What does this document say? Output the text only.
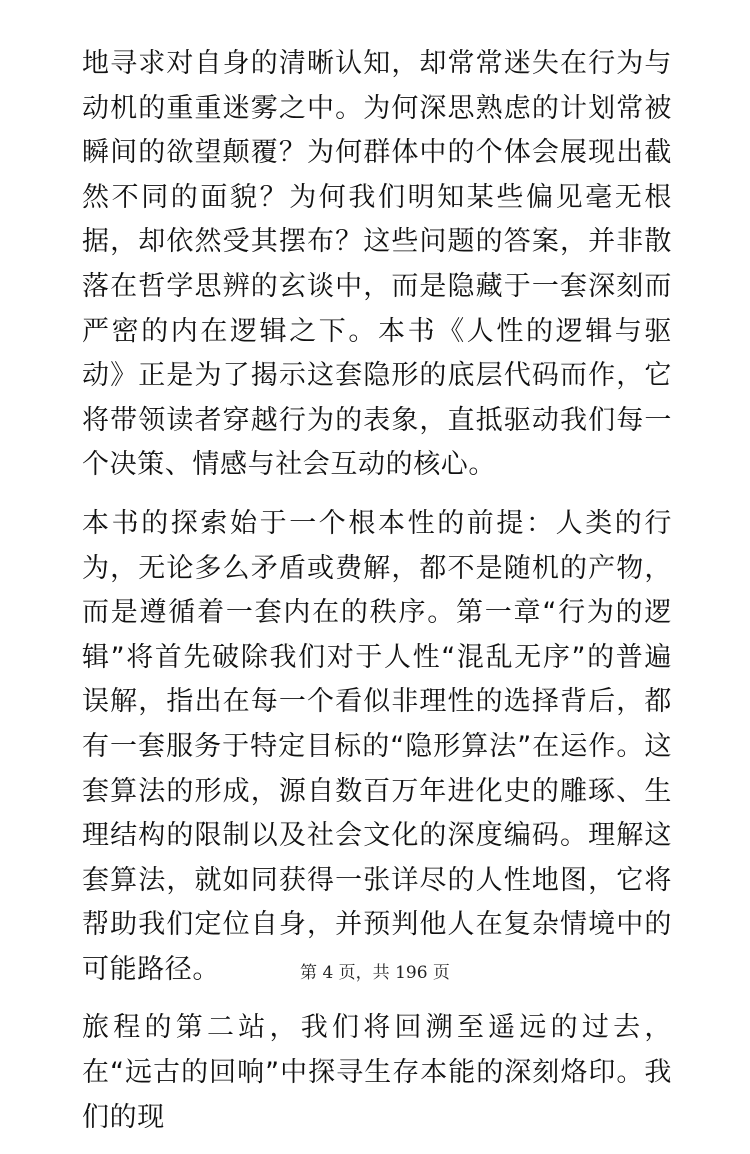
地寻求对自身的清晰认知，却常常迷失在行为与动机的重重迷雾之中。为何深思熟虑的计划常被瞬间的欲望颠覆？为何群体中的个体会展现出截然不同的面貌？为何我们明知某些偏见毫无根据，却依然受其摆布？这些问题的答案，并非散落在哲学思辨的玄谈中，而是隐藏于一套深刻而严密的内在逻辑之下。本书《人性的逻辑与驱动》正是为了揭示这套隐形的底层代码而作，它将带领读者穿越行为的表象，直抵驱动我们每一个决策、情感与社会互动的核心。

本书的探索始于一个根本性的前提：人类的行为，无论多么矛盾或费解，都不是随机的产物，而是遵循着一套内在的秩序。第一章“行为的逻辑”将首先破除我们对于人性“混乱无序”的普遍误解，指出在每一个看似非理性的选择背后，都有一套服务于特定目标的“隐形算法”在运作。这套算法的形成，源自数百万年进化史的雕琢、生理结构的限制以及社会文化的深度编码。理解这套算法，就如同获得一张详尽的人性地图，它将帮助我们定位自身，并预判他人在复杂情境中的可能路径。

旅程的第二站，我们将回溯至遥远的过去，在“远古的回响”中探寻生存本能的深刻烙印。我们的现

第 4 页，共 196 页
